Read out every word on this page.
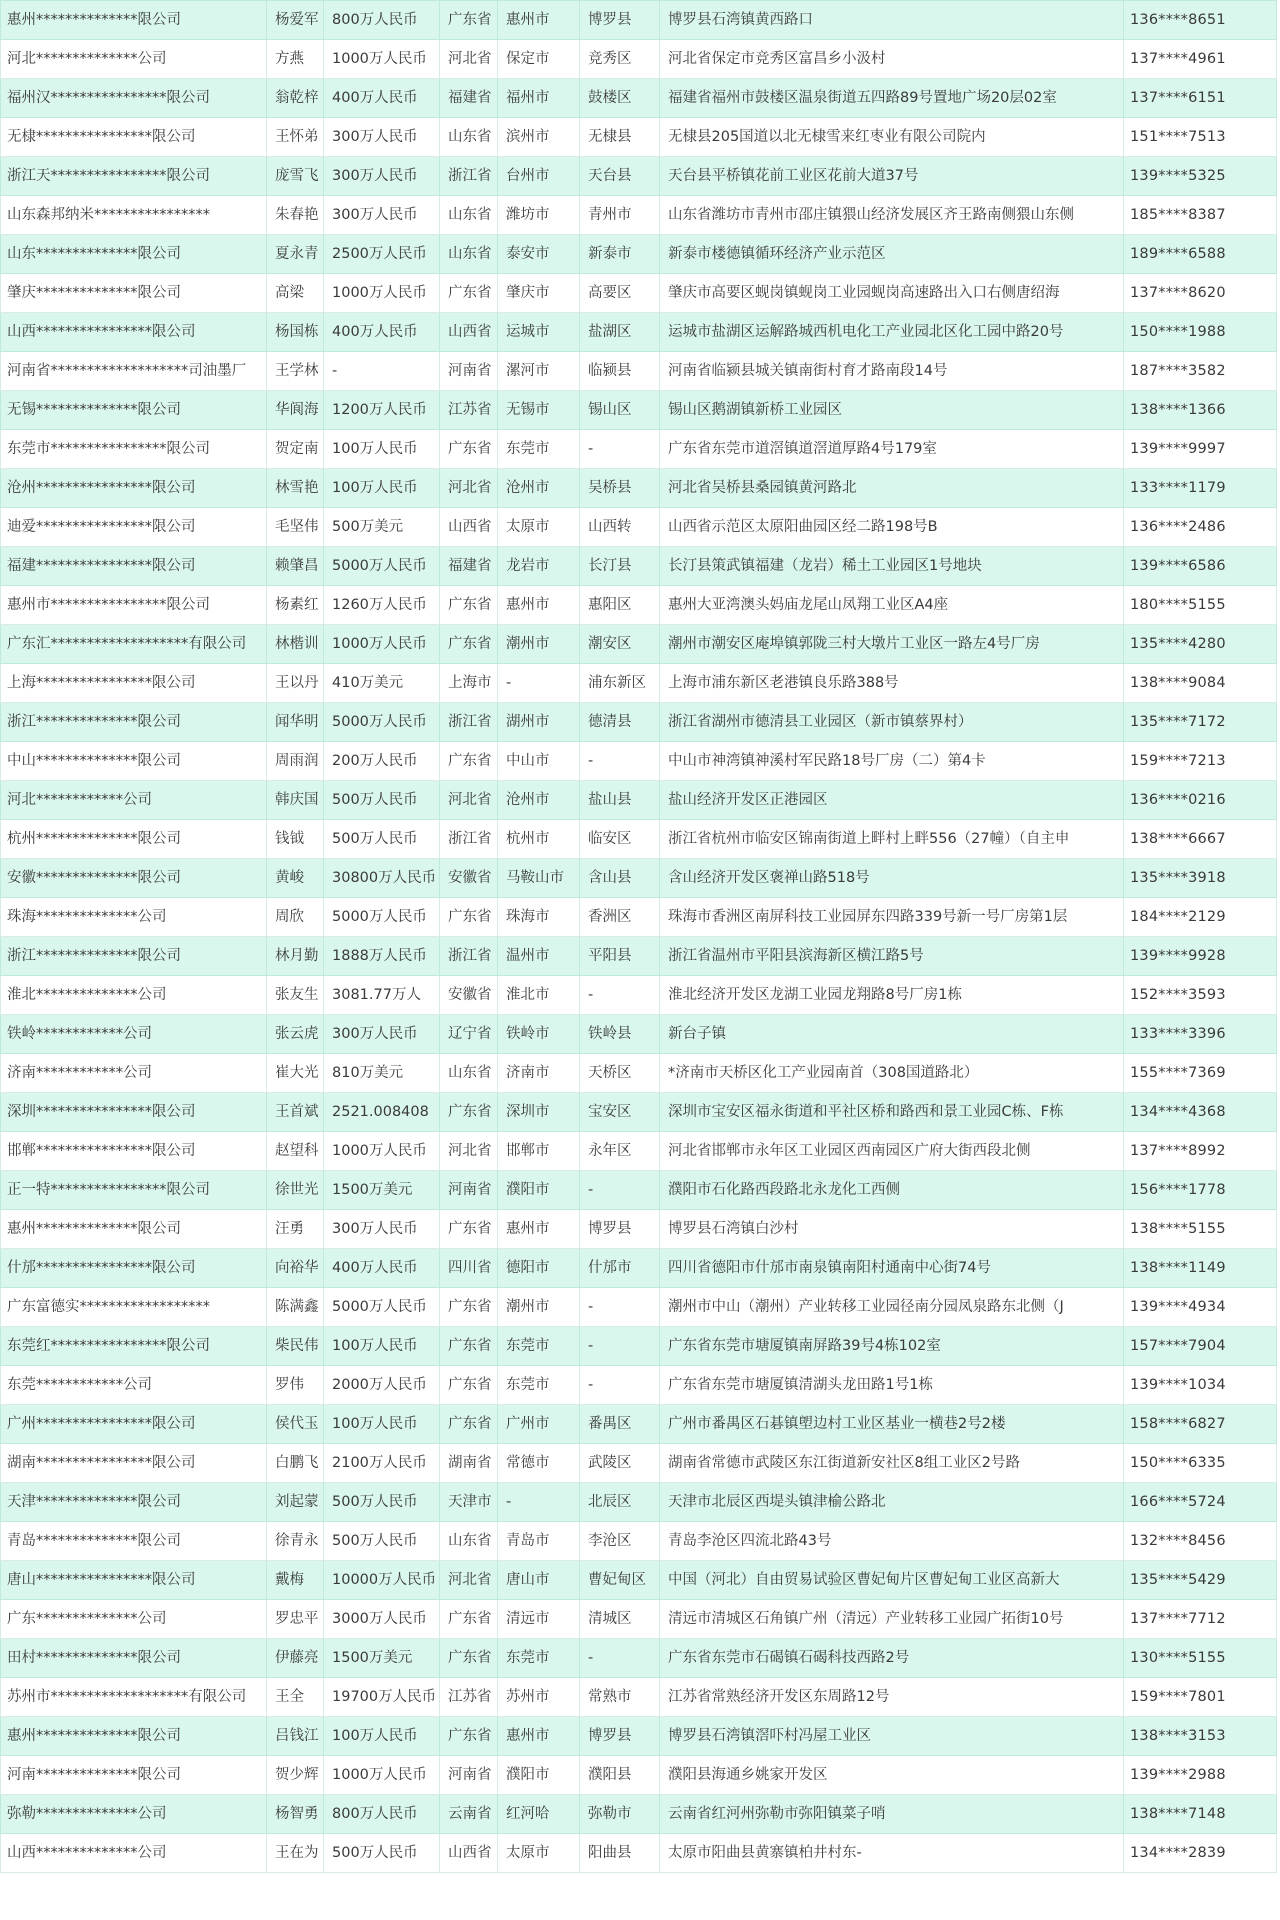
惠州**************限公司	杨爱军	800万人民币	广东省	惠州市	博罗县	博罗县石湾镇黄西路口	136****8651
河北**************公司	方燕	1000万人民币	河北省	保定市	竞秀区	河北省保定市竞秀区富昌乡小汲村	137****4961
福州汉****************限公司	翁乾梓	400万人民币	福建省	福州市	鼓楼区	福建省福州市鼓楼区温泉街道五四路89号置地广场20层02室	137****6151
无棣****************限公司	王怀弟	300万人民币	山东省	滨州市	无棣县	无棣县205国道以北无棣雪来红枣业有限公司院内	151****7513
浙江天****************限公司	庞雪飞	300万人民币	浙江省	台州市	天台县	天台县平桥镇花前工业区花前大道37号	139****5325
山东森邦纳米****************	朱春艳	300万人民币	山东省	潍坊市	青州市	山东省潍坊市青州市邵庄镇猥山经济发展区齐王路南侧猥山东侧	185****8387
山东**************限公司	夏永青	2500万人民币	山东省	泰安市	新泰市	新泰市楼德镇循环经济产业示范区	189****6588
肇庆**************限公司	高梁	1000万人民币	广东省	肇庆市	高要区	肇庆市高要区蚬岗镇蚬岗工业园蚬岗高速路出入口右侧唐绍海	137****8620
山西****************限公司	杨国栋	400万人民币	山西省	运城市	盐湖区	运城市盐湖区运解路城西机电化工产业园北区化工园中路20号	150****1988
河南省*******************司油墨厂	王学林	-	河南省	漯河市	临颍县	河南省临颍县城关镇南街村育才路南段14号	187****3582
无锡**************限公司	华阆海	1200万人民币	江苏省	无锡市	锡山区	锡山区鹅湖镇新桥工业园区	138****1366
东莞市****************限公司	贺定南	100万人民币	广东省	东莞市	-	广东省东莞市道滘镇道滘道厚路4号179室	139****9997
沧州****************限公司	林雪艳	100万人民币	河北省	沧州市	吴桥县	河北省吴桥县桑园镇黄河路北	133****1179
迪爱****************限公司	毛坚伟	500万美元	山西省	太原市	山西转	山西省示范区太原阳曲园区经二路198号B	136****2486
福建****************限公司	赖肇昌	5000万人民币	福建省	龙岩市	长汀县	长汀县策武镇福建（龙岩）稀土工业园区1号地块	139****6586
惠州市****************限公司	杨素红	1260万人民币	广东省	惠州市	惠阳区	惠州大亚湾澳头妈庙龙尾山凤翔工业区A4座	180****5155
广东汇*******************有限公司	林楷训	1000万人民币	广东省	潮州市	潮安区	潮州市潮安区庵埠镇郭陇三村大墩片工业区一路左4号厂房	135****4280
上海****************限公司	王以丹	410万美元	上海市	-	浦东新区	上海市浦东新区老港镇良乐路388号	138****9084
浙江**************限公司	闻华明	5000万人民币	浙江省	湖州市	德清县	浙江省湖州市德清县工业园区（新市镇蔡界村）	135****7172
中山**************限公司	周雨润	200万人民币	广东省	中山市	-	中山市神湾镇神溪村军民路18号厂房（二）第4卡	159****7213
河北************公司	韩庆国	500万人民币	河北省	沧州市	盐山县	盐山经济开发区正港园区	136****0216
杭州**************限公司	钱钺	500万人民币	浙江省	杭州市	临安区	浙江省杭州市临安区锦南街道上畔村上畔556（27幢）（自主申	138****6667
安徽**************限公司	黄峻	30800万人民币	安徽省	马鞍山市	含山县	含山经济开发区褒禅山路518号	135****3918
珠海**************公司	周欣	5000万人民币	广东省	珠海市	香洲区	珠海市香洲区南屏科技工业园屏东四路339号新一号厂房第1层	184****2129
浙江**************限公司	林月勤	1888万人民币	浙江省	温州市	平阳县	浙江省温州市平阳县滨海新区横江路5号	139****9928
淮北**************公司	张友生	3081.77万人	安徽省	淮北市	-	淮北经济开发区龙湖工业园龙翔路8号厂房1栋	152****3593
铁岭************公司	张云虎	300万人民币	辽宁省	铁岭市	铁岭县	新台子镇	133****3396
济南************公司	崔大光	810万美元	山东省	济南市	天桥区	*济南市天桥区化工产业园南首（308国道路北）	155****7369
深圳****************限公司	王首斌	2521.008408	广东省	深圳市	宝安区	深圳市宝安区福永街道和平社区桥和路西和景工业园C栋、F栋	134****4368
邯郸****************限公司	赵望科	1000万人民币	河北省	邯郸市	永年区	河北省邯郸市永年区工业园区西南园区广府大街西段北侧	137****8992
正一特****************限公司	徐世光	1500万美元	河南省	濮阳市	-	濮阳市石化路西段路北永龙化工西侧	156****1778
惠州**************限公司	汪勇	300万人民币	广东省	惠州市	博罗县	博罗县石湾镇白沙村	138****5155
什邡****************限公司	向裕华	400万人民币	四川省	德阳市	什邡市	四川省德阳市什邡市南泉镇南阳村通南中心街74号	138****1149
广东富德实******************	陈满鑫	5000万人民币	广东省	潮州市	-	潮州市中山（潮州）产业转移工业园径南分园凤泉路东北侧（J	139****4934
东莞红****************限公司	柴民伟	100万人民币	广东省	东莞市	-	广东省东莞市塘厦镇南屏路39号4栋102室	157****7904
东莞************公司	罗伟	2000万人民币	广东省	东莞市	-	广东省东莞市塘厦镇清湖头龙田路1号1栋	139****1034
广州****************限公司	侯代玉	100万人民币	广东省	广州市	番禺区	广州市番禺区石碁镇塱边村工业区基业一横巷2号2楼	158****6827
湖南****************限公司	白鹏飞	2100万人民币	湖南省	常德市	武陵区	湖南省常德市武陵区东江街道新安社区8组工业区2号路	150****6335
天津**************限公司	刘起蒙	500万人民币	天津市	-	北辰区	天津市北辰区西堤头镇津榆公路北	166****5724
青岛**************限公司	徐青永	500万人民币	山东省	青岛市	李沧区	青岛李沧区四流北路43号	132****8456
唐山****************限公司	戴梅	10000万人民币	河北省	唐山市	曹妃甸区	中国（河北）自由贸易试验区曹妃甸片区曹妃甸工业区高新大	135****5429
广东**************公司	罗忠平	3000万人民币	广东省	清远市	清城区	清远市清城区石角镇广州（清远）产业转移工业园广拓街10号	137****7712
田村**************限公司	伊藤亮	1500万美元	广东省	东莞市	-	广东省东莞市石碣镇石碣科技西路2号	130****5155
苏州市*******************有限公司	王全	19700万人民币	江苏省	苏州市	常熟市	江苏省常熟经济开发区东周路12号	159****7801
惠州**************限公司	吕钱江	100万人民币	广东省	惠州市	博罗县	博罗县石湾镇滘吓村冯屋工业区	138****3153
河南**************限公司	贺少辉	1000万人民币	河南省	濮阳市	濮阳县	濮阳县海通乡姚家开发区	139****2988
弥勒**************公司	杨智勇	800万人民币	云南省	红河哈	弥勒市	云南省红河州弥勒市弥阳镇菜子哨	138****7148
山西**************公司	王在为	500万人民币	山西省	太原市	阳曲县	太原市阳曲县黄寨镇柏井村东-	134****2839
